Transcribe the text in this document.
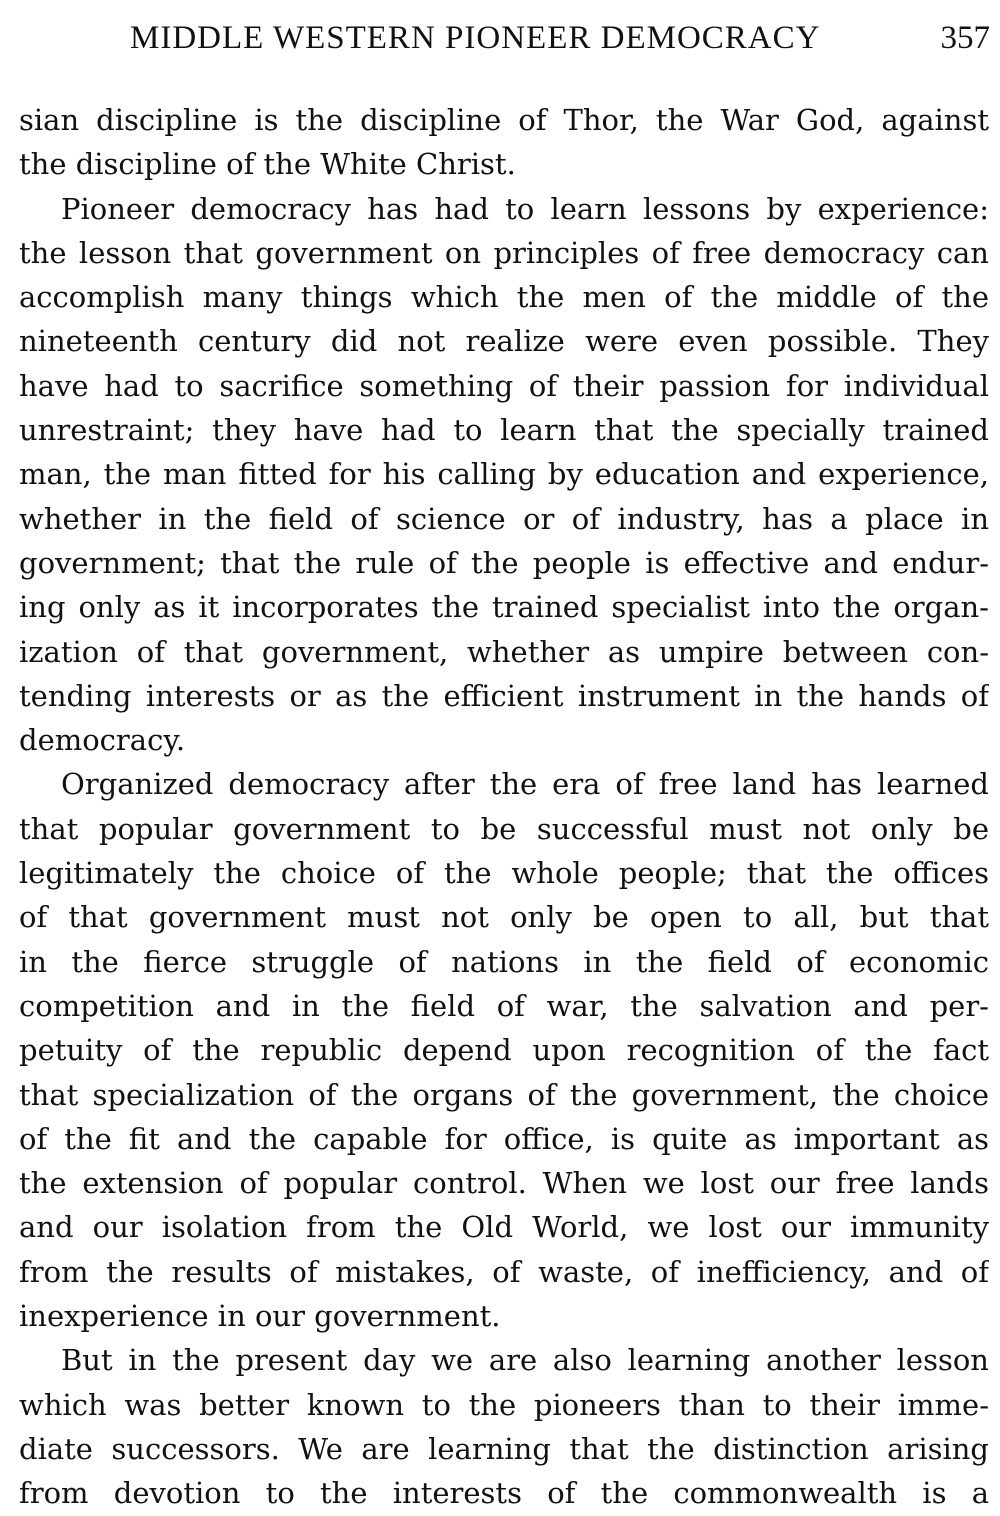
MIDDLE WESTERN PIONEER DEMOCRACY	357
sian discipline is the discipline of Thor, the War God, against
the discipline of the White Christ.
Pioneer democracy has had to learn lessons by experience:
the lesson that government on principles of free democracy can
accomplish many things which the men of the middle of the
nineteenth century did not realize were even possible. They
have had to sacrifice something of their passion for individual
unrestraint; they have had to learn that the specially trained
man, the man fitted for his calling by education and experience,
whether in the field of science or of industry, has a place in
government; that the rule of the people is effective and endur-
ing only as it incorporates the trained specialist into the organ-
ization of that government, whether as umpire between con-
tending interests or as the efficient instrument in the hands of
democracy.
Organized democracy after the era of free land has learned
that popular government to be successful must not only be
legitimately the choice of the whole people; that the offices
of that government must not only be open to all, but that
in the fierce struggle of nations in the field of economic
competition and in the field of war, the salvation and per-
petuity of the republic depend upon recognition of the fact
that specialization of the organs of the government, the choice
of the fit and the capable for office, is quite as important as
the extension of popular control. When we lost our free lands
and our isolation from the Old World, we lost our immunity
from the results of mistakes, of waste, of inefficiency, and of
inexperience in our government.
But in the present day we are also learning another lesson
which was better known to the pioneers than to their imme-
diate successors. We are learning that the distinction arising
from devotion to the interests of the commonwealth is a
